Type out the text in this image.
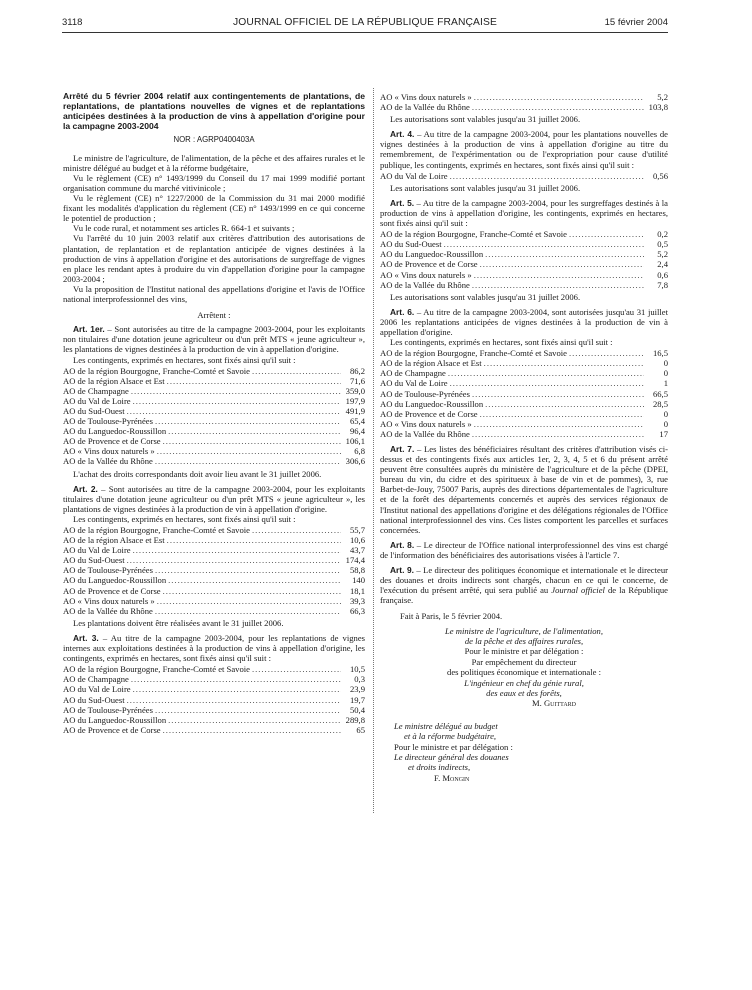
3118	JOURNAL OFFICIEL DE LA RÉPUBLIQUE FRANÇAISE	15 février 2004
Arrêté du 5 février 2004 relatif aux contingentements de plantations, de replantations, de plantations nouvelles de vignes et de replantations anticipées destinées à la production de vins à appellation d'origine pour la campagne 2003-2004
NOR : AGRP0400403A

Le ministre de l'agriculture, de l'alimentation, de la pêche et des affaires rurales et le ministre délégué au budget et à la réforme budgétaire,

Vu le règlement (CE) n° 1493/1999 du Conseil du 17 mai 1999 modifié portant organisation commune du marché vitivinicole ;

Vu le règlement (CE) n° 1227/2000 de la Commission du 31 mai 2000 modifié fixant les modalités d'application du règlement (CE) n° 1493/1999 en ce qui concerne le potentiel de production ;

Vu le code rural, et notamment ses articles R. 664-1 et suivants ;

Vu l'arrêté du 10 juin 2003 relatif aux critères d'attribution des autorisations de plantation, de replantation et de replantation anticipée de vignes destinées à la production de vins à appellation d'origine et des autorisations de surgreffage de vignes en place les rendant aptes à produire du vin d'appellation d'origine pour la campagne 2003-2004 ;

Vu la proposition de l'Institut national des appellations d'origine et l'avis de l'Office national interprofessionnel des vins,

Arrêtent :

Art. 1er. – Sont autorisées au titre de la campagne 2003-2004, pour les exploitants non titulaires d'une dotation jeune agriculteur ou d'un prêt MTS « jeune agriculteur », les plantations de vignes destinées à la production de vin à appellation d'origine.

Les contingents, exprimés en hectares, sont fixés ainsi qu'il suit :

AO de la région Bourgogne, Franche-Comté et Savoie .....	86,2
AO de la région Alsace et Est .....	71,6
AO de Champagne .....	359,0
AO du Val de Loire .....	197,9
AO du Sud-Ouest .....	491,9
AO de Toulouse-Pyrénées .....	65,4
AO du Languedoc-Roussillon .....	96,4
AO de Provence et de Corse .....	106,1
AO « Vins doux naturels » .....	6,8
AO de la Vallée du Rhône .....	306,6

L'achat des droits correspondants doit avoir lieu avant le 31 juillet 2006.

Art. 2. – Sont autorisées au titre de la campagne 2003-2004, pour les exploitants titulaires d'une dotation jeune agriculteur ou d'un prêt MTS « jeune agriculteur », les plantations de vignes destinées à la production de vin à appellation d'origine.

Les contingents, exprimés en hectares, sont fixés ainsi qu'il suit :

AO de la région Bourgogne, Franche-Comté et Savoie .....	55,7
AO de la région Alsace et Est .....	10,6
AO du Val de Loire .....	43,7
AO du Sud-Ouest .....	174,4
AO de Toulouse-Pyrénées .....	58,8
AO du Languedoc-Roussillon .....	140
AO de Provence et de Corse .....	18,1
AO « Vins doux naturels » .....	39,3
AO de la Vallée du Rhône .....	66,3

Les plantations doivent être réalisées avant le 31 juillet 2006.

Art. 3. – Au titre de la campagne 2003-2004, pour les replantations de vignes internes aux exploitations destinées à la production de vins à appellation d'origine, les contingents, exprimés en hectares, sont fixés ainsi qu'il suit :

AO de la région Bourgogne, Franche-Comté et Savoie .....	10,5
AO de Champagne .....	0,3
AO du Val de Loire .....	23,9
AO du Sud-Ouest .....	19,7
AO de Toulouse-Pyrénées .....	50,4
AO du Languedoc-Roussillon .....	289,8
AO de Provence et de Corse .....	65
AO « Vins doux naturels » .....	5,2
AO de la Vallée du Rhône .....	103,8

Les autorisations sont valables jusqu'au 31 juillet 2006.

Art. 4. – Au titre de la campagne 2003-2004, pour les plantations nouvelles de vignes destinées à la production de vins à appellation d'origine au titre du remembrement, de l'expérimentation ou de l'expropriation pour cause d'utilité publique, les contingents, exprimés en hectares, sont fixés ainsi qu'il suit :

AO du Val de Loire .....	0,56

Les autorisations sont valables jusqu'au 31 juillet 2006.

Art. 5. – Au titre de la campagne 2003-2004, pour les surgreffages destinés à la production de vins à appellation d'origine, les contingents, exprimés en hectares, sont fixés ainsi qu'il suit :

AO de la région Bourgogne, Franche-Comté et Savoie .....	0,2
AO du Sud-Ouest .....	0,5
AO du Languedoc-Roussillon .....	5,2
AO de Provence et de Corse .....	2,4
AO « Vins doux naturels » .....	0,6
AO de la Vallée du Rhône .....	7,8

Les autorisations sont valables jusqu'au 31 juillet 2006.

Art. 6. – Au titre de la campagne 2003-2004, sont autorisées jusqu'au 31 juillet 2006 les replantations anticipées de vignes destinées à la production de vin à appellation d'origine.

Les contingents, exprimés en hectares, sont fixés ainsi qu'il suit :

AO de la région Bourgogne, Franche-Comté et Savoie .....	16,5
AO de la région Alsace et Est .....	0
AO de Champagne .....	0
AO du Val de Loire .....	1
AO de Toulouse-Pyrénées .....	66,5
AO du Languedoc-Roussillon .....	28,5
AO de Provence et de Corse .....	0
AO « Vins doux naturels » .....	0
AO de la Vallée du Rhône .....	17

Art. 7. – Les listes des bénéficiaires résultant des critères d'attribution visés ci-dessus et des contingents fixés aux articles 1er, 2, 3, 4, 5 et 6 du présent arrêté peuvent être consultées auprès du ministère de l'agriculture et de la pêche (DPEI, bureau du vin, du cidre et des spiritueux à base de vin et de pommes), 3, rue Barbet-de-Jouy, 75007 Paris, auprès des directions départementales de l'agriculture et de la forêt des départements concernés et auprès des services régionaux de l'Institut national des appellations d'origine et des délégations régionales de l'Office national interprofessionnel des vins. Ces listes comportent les parcelles et surfaces concernées.

Art. 8. – Le directeur de l'Office national interprofessionnel des vins est chargé de l'information des bénéficiaires des autorisations visées à l'article 7.

Art. 9. – Le directeur des politiques économique et internationale et le directeur des douanes et droits indirects sont chargés, chacun en ce qui le concerne, de l'exécution du présent arrêté, qui sera publié au Journal officiel de la République française.

Fait à Paris, le 5 février 2004.

Le ministre de l'agriculture, de l'alimentation,
de la pêche et des affaires rurales,
Pour le ministre et par délégation :
Par empêchement du directeur
des politiques économique et internationale :
L'ingénieur en chef du génie rural,
des eaux et des forêts,
M. Guittard
Le ministre délégué au budget
et à la réforme budgétaire,
Pour le ministre et par délégation :
Le directeur général des douanes
et droits indirects,
F. Mongin
